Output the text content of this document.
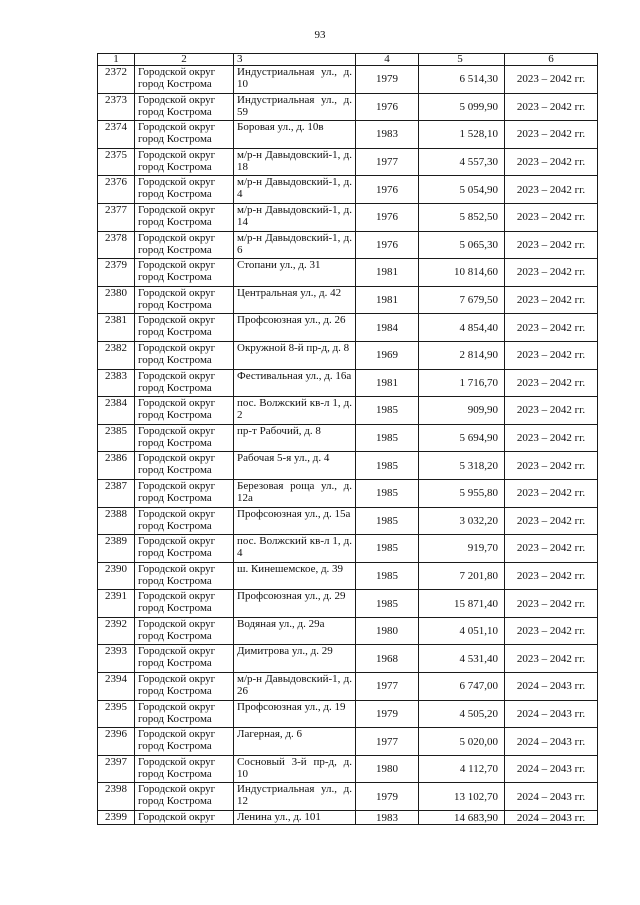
93
1	2	3	4	5	6
2372	Городской округ город Кострома	Индустриальная ул., д. 10	1979	6 514,30	2023 – 2042 гг.
2373	Городской округ город Кострома	Индустриальная ул., д. 59	1976	5 099,90	2023 – 2042 гг.
2374	Городской округ город Кострома	Боровая ул., д. 10в	1983	1 528,10	2023 – 2042 гг.
2375	Городской округ город Кострома	м/р-н Давыдовский-1, д. 18	1977	4 557,30	2023 – 2042 гг.
2376	Городской округ город Кострома	м/р-н Давыдовский-1, д. 4	1976	5 054,90	2023 – 2042 гг.
2377	Городской округ город Кострома	м/р-н Давыдовский-1, д. 14	1976	5 852,50	2023 – 2042 гг.
2378	Городской округ город Кострома	м/р-н Давыдовский-1, д. 6	1976	5 065,30	2023 – 2042 гг.
2379	Городской округ город Кострома	Стопани ул., д. 31	1981	10 814,60	2023 – 2042 гг.
2380	Городской округ город Кострома	Центральная ул., д. 42	1981	7 679,50	2023 – 2042 гг.
2381	Городской округ город Кострома	Профсоюзная ул., д. 26	1984	4 854,40	2023 – 2042 гг.
2382	Городской округ город Кострома	Окружной 8-й пр-д, д. 8	1969	2 814,90	2023 – 2042 гг.
2383	Городской округ город Кострома	Фестивальная ул., д. 16а	1981	1 716,70	2023 – 2042 гг.
2384	Городской округ город Кострома	пос. Волжский кв-л 1, д. 2	1985	909,90	2023 – 2042 гг.
2385	Городской округ город Кострома	пр-т Рабочий, д. 8	1985	5 694,90	2023 – 2042 гг.
2386	Городской округ город Кострома	Рабочая 5-я ул., д. 4	1985	5 318,20	2023 – 2042 гг.
2387	Городской округ город Кострома	Березовая роща ул., д. 12а	1985	5 955,80	2023 – 2042 гг.
2388	Городской округ город Кострома	Профсоюзная ул., д. 15а	1985	3 032,20	2023 – 2042 гг.
2389	Городской округ город Кострома	пос. Волжский кв-л 1, д. 4	1985	919,70	2023 – 2042 гг.
2390	Городской округ город Кострома	ш. Кинешемское, д. 39	1985	7 201,80	2023 – 2042 гг.
2391	Городской округ город Кострома	Профсоюзная ул., д. 29	1985	15 871,40	2023 – 2042 гг.
2392	Городской округ город Кострома	Водяная ул., д. 29а	1980	4 051,10	2023 – 2042 гг.
2393	Городской округ город Кострома	Димитрова ул., д. 29	1968	4 531,40	2023 – 2042 гг.
2394	Городской округ город Кострома	м/р-н Давыдовский-1, д. 26	1977	6 747,00	2024 – 2043 гг.
2395	Городской округ город Кострома	Профсоюзная ул., д. 19	1979	4 505,20	2024 – 2043 гг.
2396	Городской округ город Кострома	Лагерная, д. 6	1977	5 020,00	2024 – 2043 гг.
2397	Городской округ город Кострома	Сосновый 3-й пр-д, д. 10	1980	4 112,70	2024 – 2043 гг.
2398	Городской округ город Кострома	Индустриальная ул., д. 12	1979	13 102,70	2024 – 2043 гг.
2399	Городской округ	Ленина ул., д. 101	1983	14 683,90	2024 – 2043 гг.
